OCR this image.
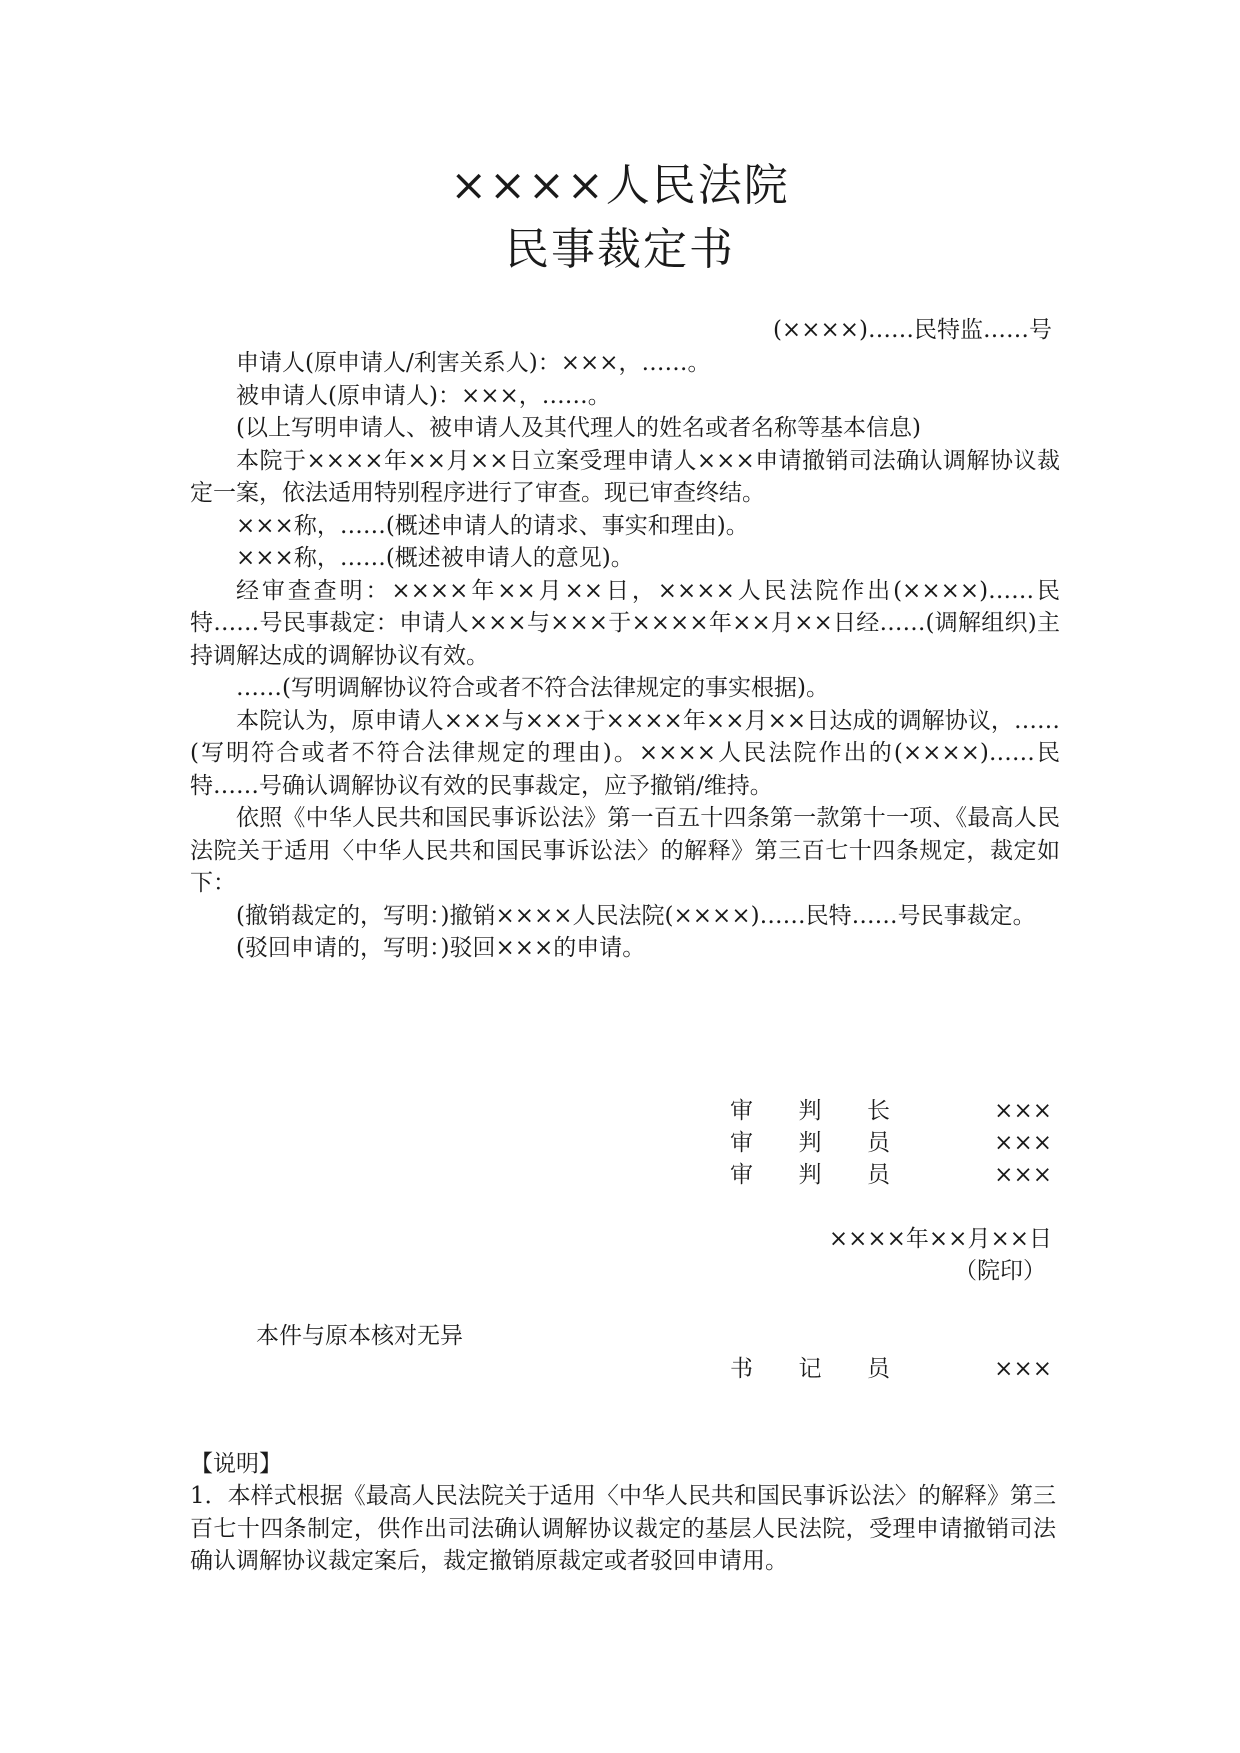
××××人民法院
民事裁定书
(××××)……民特监……号

申请人(原申请人/利害关系人)：×××，……。

被申请人(原申请人)：×××，……。

(以上写明申请人、被申请人及其代理人的姓名或者名称等基本信息)

本院于××××年××月××日立案受理申请人×××申请撤销司法确认调解协议裁定一案，依法适用特别程序进行了审查。现已审查终结。

×××称，……(概述申请人的请求、事实和理由)。

×××称，……(概述被申请人的意见)。

经审查查明：××××年××月××日，××××人民法院作出(××××)……民特……号民事裁定：申请人×××与×××于××××年××月××日经……(调解组织)主持调解达成的调解协议有效。

……(写明调解协议符合或者不符合法律规定的事实根据)。

本院认为，原申请人×××与×××于××××年××月××日达成的调解协议，……(写明符合或者不符合法律规定的理由)。××××人民法院作出的(××××)……民特……号确认调解协议有效的民事裁定，应予撤销/维持。

依照《中华人民共和国民事诉讼法》第一百五十四条第一款第十一项、《最高人民法院关于适用〈中华人民共和国民事诉讼法〉的解释》第三百七十四条规定，裁定如下：

(撤销裁定的，写明：)撤销××××人民法院(××××)……民特……号民事裁定。

(驳回申请的，写明：)驳回×××的申请。

审 判 长	×××
审 判 员	×××
审 判 员	×××
××××年××月××日
（院印）
本件与原本核对无异
书 记 员	×××
【说明】
1．本样式根据《最高人民法院关于适用〈中华人民共和国民事诉讼法〉的解释》第三百七十四条制定，供作出司法确认调解协议裁定的基层人民法院，受理申请撤销司法确认调解协议裁定案后，裁定撤销原裁定或者驳回申请用。
